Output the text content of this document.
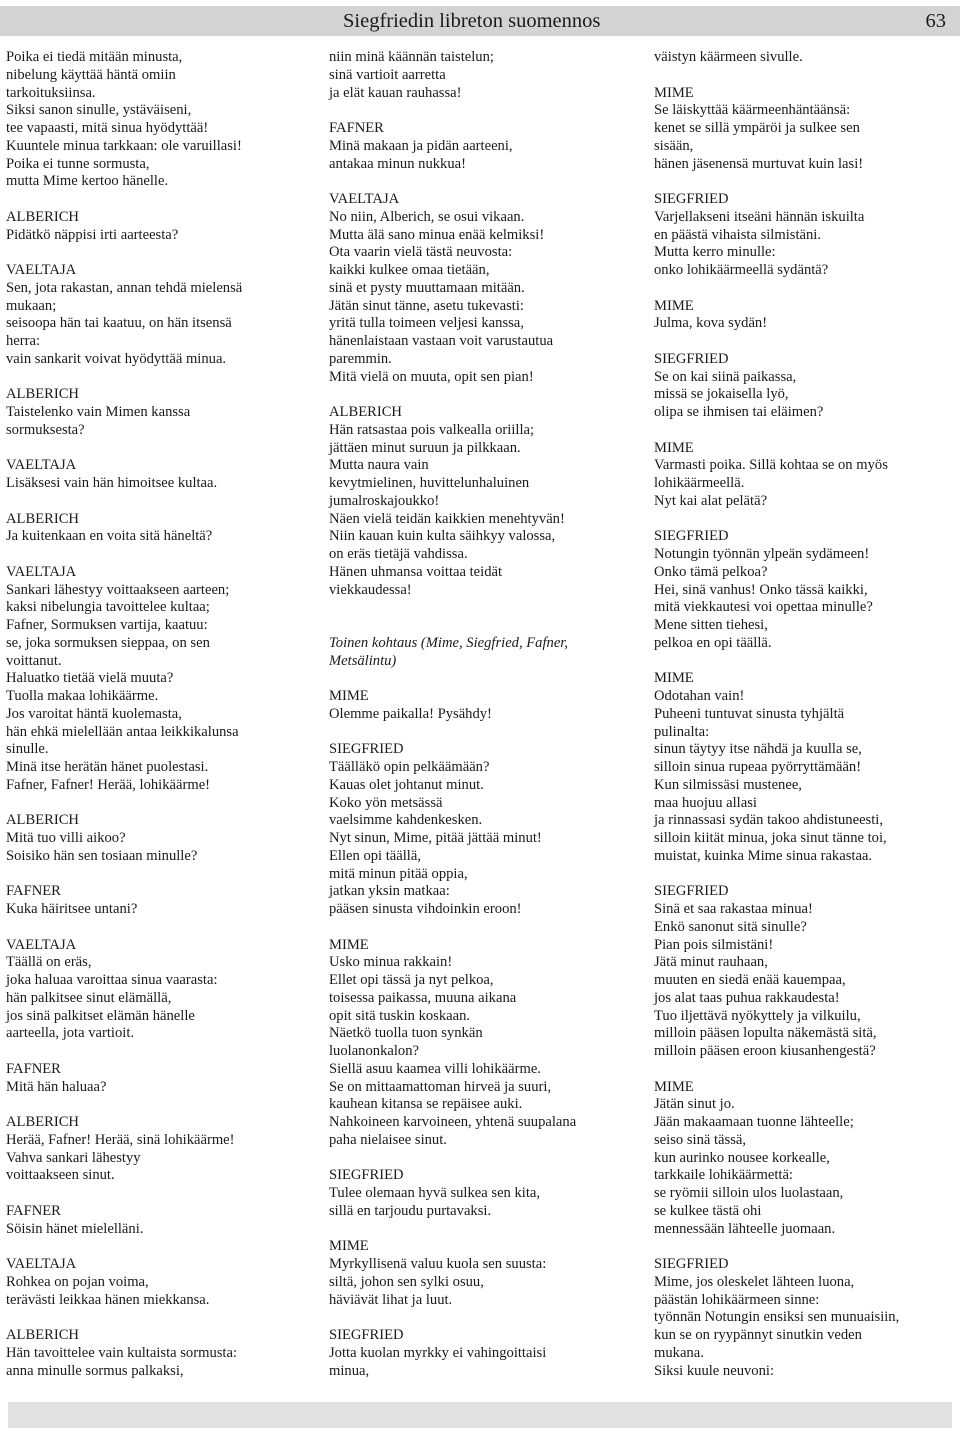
Siegfriedin libreton suomennos	63
Poika ei tiedä mitään minusta,
nibelung käyttää häntä omiin
tarkoituksiinsa.
Siksi sanon sinulle, ystäväiseni,
tee vapaasti, mitä sinua hyödyttää!
Kuuntele minua tarkkaan: ole varuillasi!
Poika ei tunne sormusta,
mutta Mime kertoo hänelle.
ALBERICH
Pidätkö näppisi irti aarteesta?
VAELTAJA
Sen, jota rakastan, annan tehdä mielensä
mukaan;
seisoopa hän tai kaatuu, on hän itsensä
herra:
vain sankarit voivat hyödyttää minua.
ALBERICH
Taistelenko vain Mimen kanssa
sormuksesta?
VAELTAJA
Lisäksesi vain hän himoitsee kultaa.
ALBERICH
Ja kuitenkaan en voita sitä häneltä?
VAELTAJA
Sankari lähestyy voittaakseen aarteen;
kaksi nibelungia tavoittelee kultaa;
Fafner, Sormuksen vartija, kaatuu:
se, joka sormuksen sieppaa, on sen
voittanut.
Haluatko tietää vielä muuta?
Tuolla makaa lohikäärme.
Jos varoitat häntä kuolemasta,
hän ehkä mielellään antaa leikkikalunsa
sinulle.
Minä itse herätän hänet puolestasi.
Fafner, Fafner! Herää, lohikäärme!
ALBERICH
Mitä tuo villi aikoo?
Soisiko hän sen tosiaan minulle?
FAFNER
Kuka häiritsee untani?
VAELTAJA
Täällä on eräs,
joka haluaa varoittaa sinua vaarasta:
hän palkitsee sinut elämällä,
jos sinä palkitset elämän hänelle
aarteella, jota vartioit.
FAFNER
Mitä hän haluaa?
ALBERICH
Herää, Fafner! Herää, sinä lohikäärme!
Vahva sankari lähestyy
voittaakseen sinut.
FAFNER
Söisin hänet mielelläni.
VAELTAJA
Rohkea on pojan voima,
terävästi leikkaa hänen miekkansa.
ALBERICH
Hän tavoittelee vain kultaista sormusta:
anna minulle sormus palkaksi,
niin minä käännän taistelun;
sinä vartioit aarretta
ja elät kauan rauhassa!
FAFNER
Minä makaan ja pidän aarteeni,
antakaa minun nukkua!
VAELTAJA
No niin, Alberich, se osui vikaan.
Mutta älä sano minua enää kelmiksi!
Ota vaarin vielä tästä neuvosta:
kaikki kulkee omaa tietään,
sinä et pysty muuttamaan mitään.
Jätän sinut tänne, asetu tukevasti:
yritä tulla toimeen veljesi kanssa,
hänenlaistaan vastaan voit varustautua
paremmin.
Mitä vielä on muuta, opit sen pian!
ALBERICH
Hän ratsastaa pois valkealla oriilla;
jättäen minut suruun ja pilkkaan.
Mutta naura vain
kevytmielinen, huvittelunhaluinen
jumalroskajoukko!
Näen vielä teidän kaikkien menehtyvän!
Niin kauan kuin kulta säihkyy valossa,
on eräs tietäjä vahdissa.
Hänen uhmansa voittaa teidät
viekkaudessa!
Toinen kohtaus (Mime, Siegfried, Fafner,
Metsälintu)
MIME
Olemme paikalla! Pysähdy!
SIEGFRIED
Täälläkö opin pelkäämään?
Kauas olet johtanut minut.
Koko yön metsässä
vaelsimme kahdenkesken.
Nyt sinun, Mime, pitää jättää minut!
Ellen opi täällä,
mitä minun pitää oppia,
jatkan yksin matkaa:
pääsen sinusta vihdoinkin eroon!
MIME
Usko minua rakkain!
Ellet opi tässä ja nyt pelkoa,
toisessa paikassa, muuna aikana
opit sitä tuskin koskaan.
Näetkö tuolla tuon synkän
luolanonkalon?
Siellä asuu kaamea villi lohikäärme.
Se on mittaamattoman hirveä ja suuri,
kauhean kitansa se repäisee auki.
Nahkoineen karvoineen, yhtenä suupalana
paha nielaisee sinut.
SIEGFRIED
Tulee olemaan hyvä sulkea sen kita,
sillä en tarjoudu purtavaksi.
MIME
Myrkyllisenä valuu kuola sen suusta:
siltä, johon sen sylki osuu,
häviävät lihat ja luut.
SIEGFRIED
Jotta kuolan myrkky ei vahingoittaisi
minua,
väistyn käärmeen sivulle.
MIME
Se läiskyttää käärmeenhäntäänsä:
kenet se sillä ympäröi ja sulkee sen
sisään,
hänen jäsenensä murtuvat kuin lasi!
SIEGFRIED
Varjellakseni itseäni hännän iskuilta
en päästä vihaista silmistäni.
Mutta kerro minulle:
onko lohikäärmeellä sydäntä?
MIME
Julma, kova sydän!
SIEGFRIED
Se on kai siinä paikassa,
missä se jokaisella lyö,
olipa se ihmisen tai eläimen?
MIME
Varmasti poika. Sillä kohtaa se on myös
lohikäärmeellä.
Nyt kai alat pelätä?
SIEGFRIED
Notungin työnnän ylpeän sydämeen!
Onko tämä pelkoa?
Hei, sinä vanhus! Onko tässä kaikki,
mitä viekkautesi voi opettaa minulle?
Mene sitten tiehesi,
pelkoa en opi täällä.
MIME
Odotahan vain!
Puheeni tuntuvat sinusta tyhjältä
pulinalta:
sinun täytyy itse nähdä ja kuulla se,
silloin sinua rupeaa pyörryttämään!
Kun silmissäsi mustenee,
maa huojuu allasi
ja rinnassasi sydän takoo ahdistuneesti,
silloin kiität minua, joka sinut tänne toi,
muistat, kuinka Mime sinua rakastaa.
SIEGFRIED
Sinä et saa rakastaa minua!
Enkö sanonut sitä sinulle?
Pian pois silmistäni!
Jätä minut rauhaan,
muuten en siedä enää kauempaa,
jos alat taas puhua rakkaudesta!
Tuo iljettävä nyökyttely ja vilkuilu,
milloin pääsen lopulta näkemästä sitä,
milloin pääsen eroon kiusanhengestä?
MIME
Jätän sinut jo.
Jään makaamaan tuonne lähteelle;
seiso sinä tässä,
kun aurinko nousee korkealle,
tarkkaile lohikäärmettä:
se ryömii silloin ulos luolastaan,
se kulkee tästä ohi
mennessään lähteelle juomaan.
SIEGFRIED
Mime, jos oleskelet lähteen luona,
päästän lohikäärmeen sinne:
työnnän Notungin ensiksi sen munuaisiin,
kun se on ryypännyt sinutkin veden
mukana.
Siksi kuule neuvoni:
